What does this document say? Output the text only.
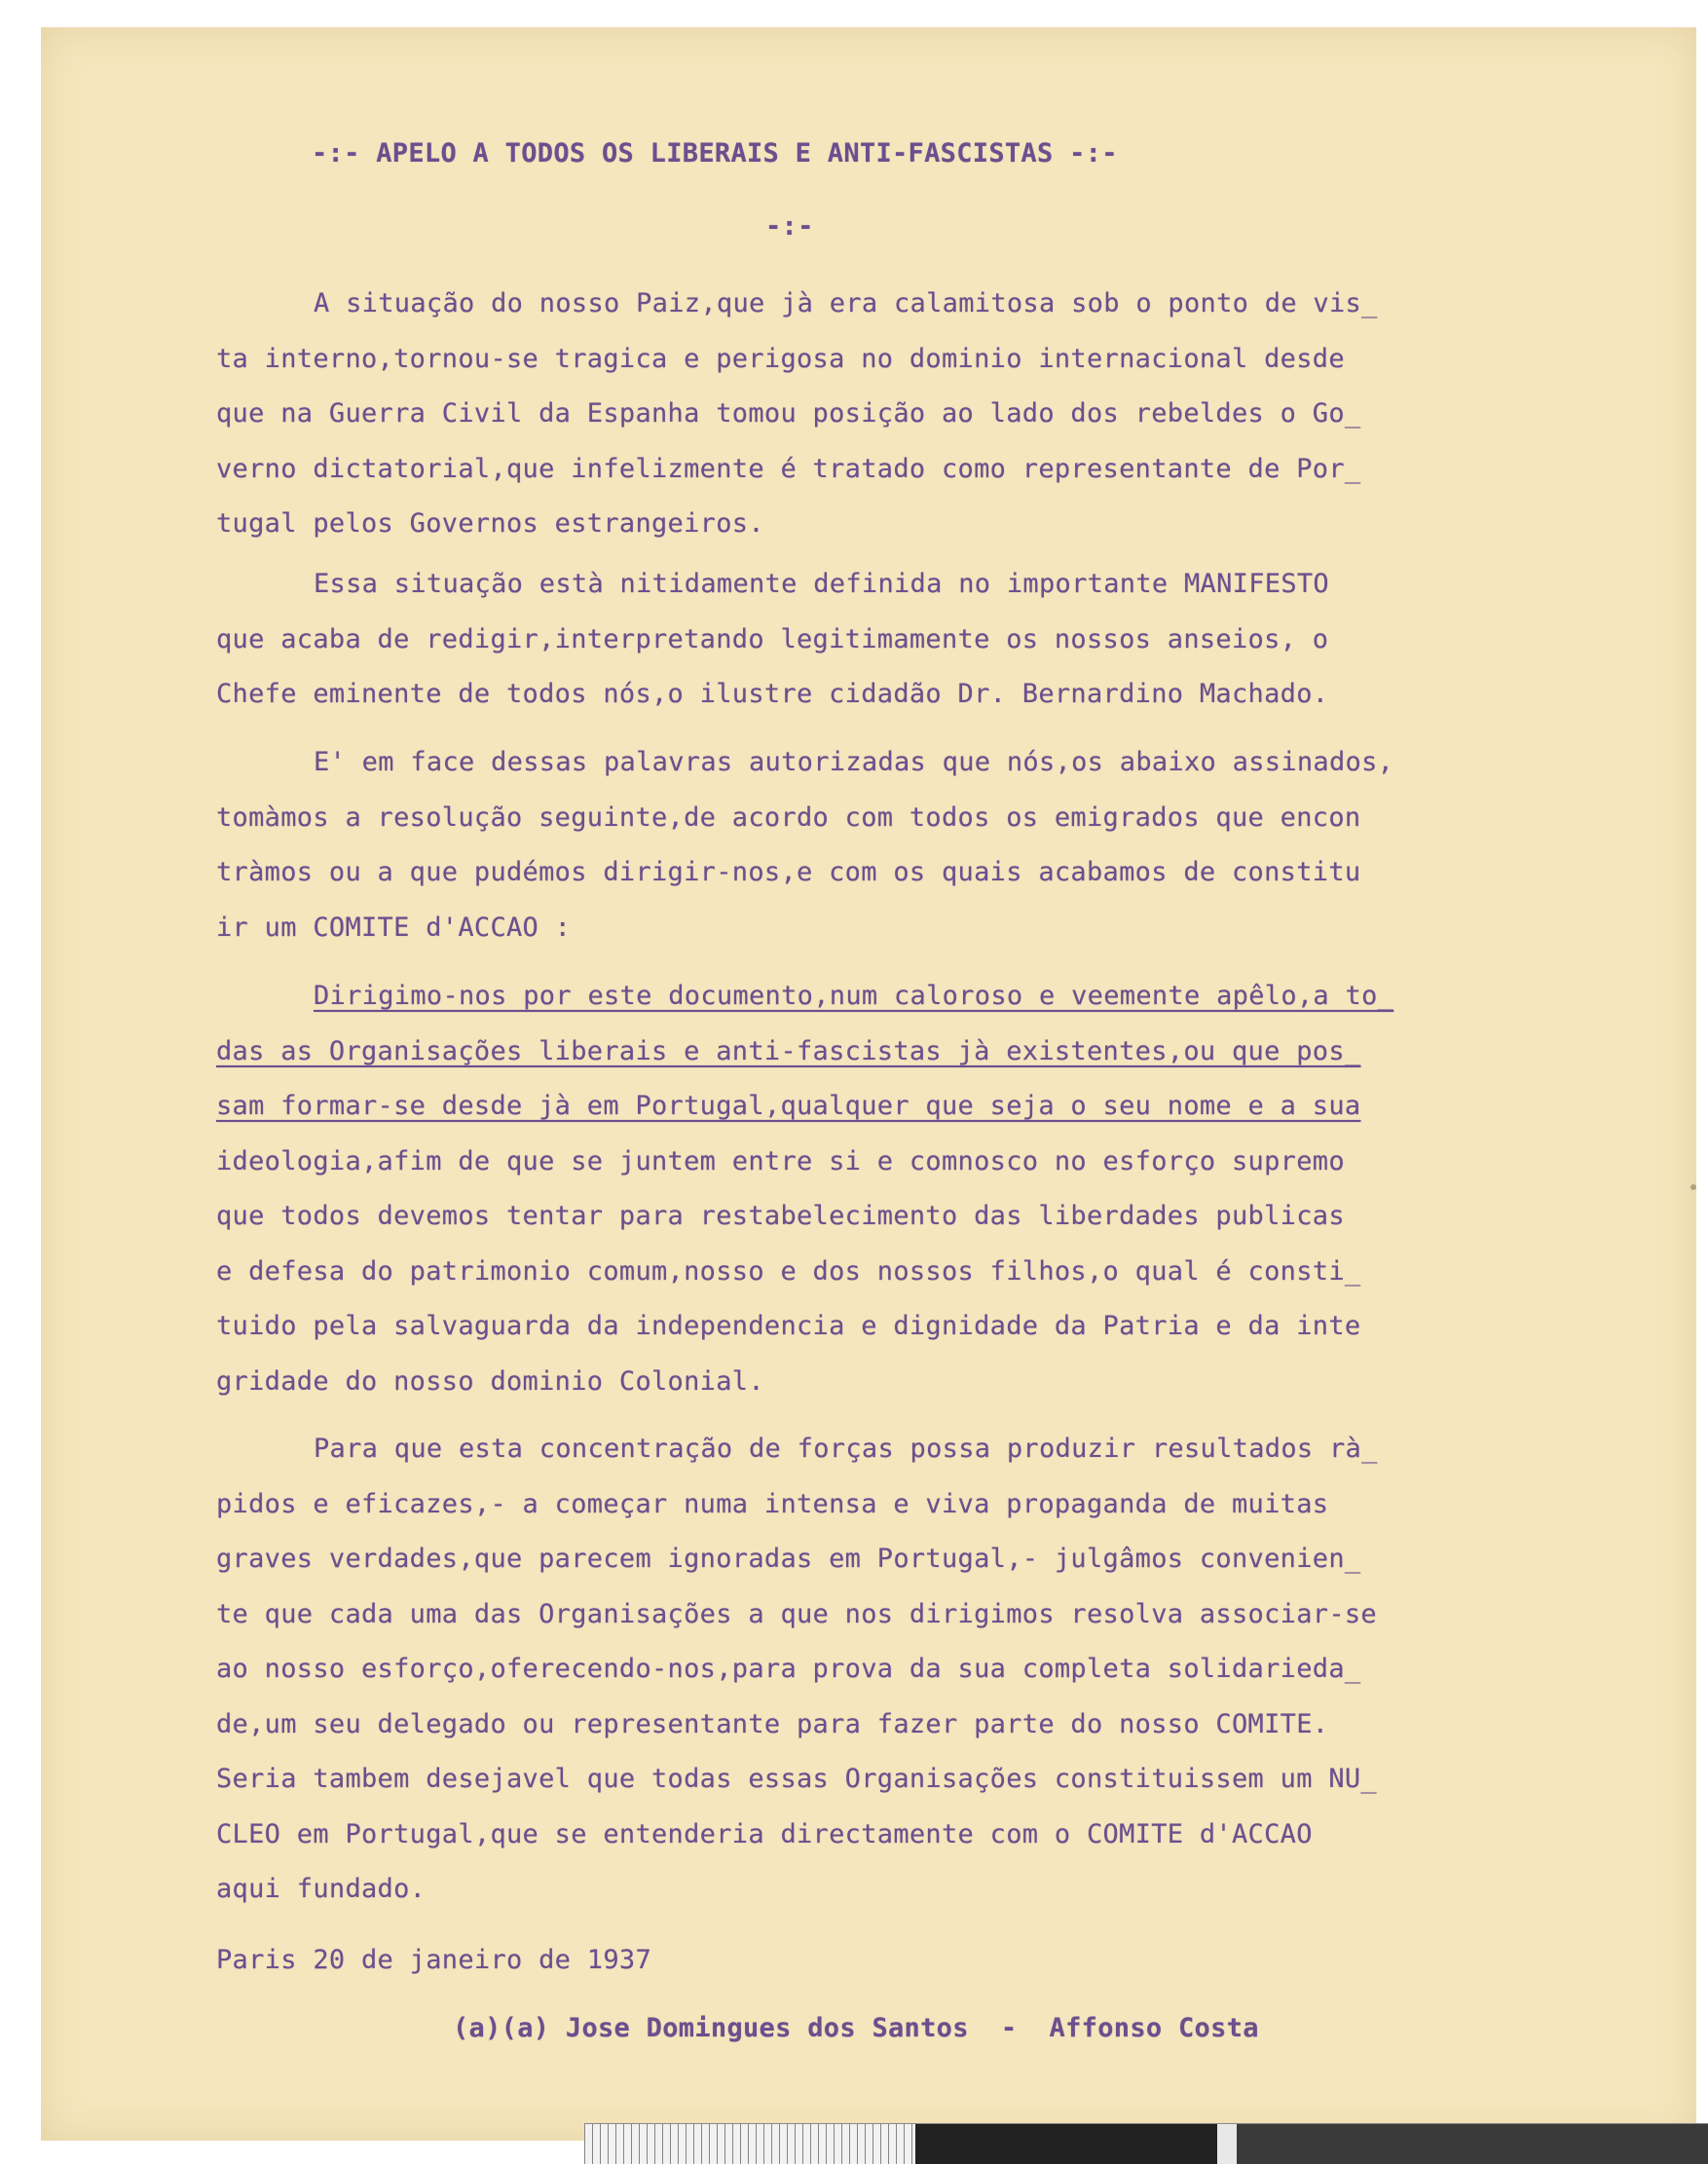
-:- APELO A TODOS OS LIBERAIS E ANTI-FASCISTAS -:-
-:-
A situação do nosso Paiz,que jà era calamitosa sob o ponto de vis_
ta interno,tornou-se tragica e perigosa no dominio internacional desde
que na Guerra Civil da Espanha tomou posição ao lado dos rebeldes o Go_
verno dictatorial,que infelizmente é tratado como representante de Por_
tugal pelos Governos estrangeiros.
Essa situação està nitidamente definida no importante MANIFESTO
que acaba de redigir,interpretando legitimamente os nossos anseios, o
Chefe eminente de todos nós,o ilustre cidadão Dr. Bernardino Machado.
E' em face dessas palavras autorizadas que nós,os abaixo assinados,
tomàmos a resolução seguinte,de acordo com todos os emigrados que encon
tràmos ou a que pudémos dirigir-nos,e com os quais acabamos de constitu
ir um COMITE d'ACCAO :
Dirigimo-nos por este documento,num caloroso e veemente apêlo,a to_
das as Organisações liberais e anti-fascistas jà existentes,ou que pos_
sam formar-se desde jà em Portugal,qualquer que seja o seu nome e a sua
ideologia,afim de que se juntem entre si e comnosco no esforço supremo
que todos devemos tentar para restabelecimento das liberdades publicas
e defesa do patrimonio comum,nosso e dos nossos filhos,o qual é consti_
tuido pela salvaguarda da independencia e dignidade da Patria e da inte
gridade do nosso dominio Colonial.
Para que esta concentração de forças possa produzir resultados rà_
pidos e eficazes,- a começar numa intensa e viva propaganda de muitas
graves verdades,que parecem ignoradas em Portugal,- julgâmos convenien_
te que cada uma das Organisações a que nos dirigimos resolva associar-se
ao nosso esforço,oferecendo-nos,para prova da sua completa solidarieda_
de,um seu delegado ou representante para fazer parte do nosso COMITE.
Seria tambem desejavel que todas essas Organisações constituissem um NU_
CLEO em Portugal,que se entenderia directamente com o COMITE d'ACCAO
aqui fundado.
Paris 20 de janeiro de 1937
(a)(a) Jose Domingues dos Santos  -  Affonso Costa
